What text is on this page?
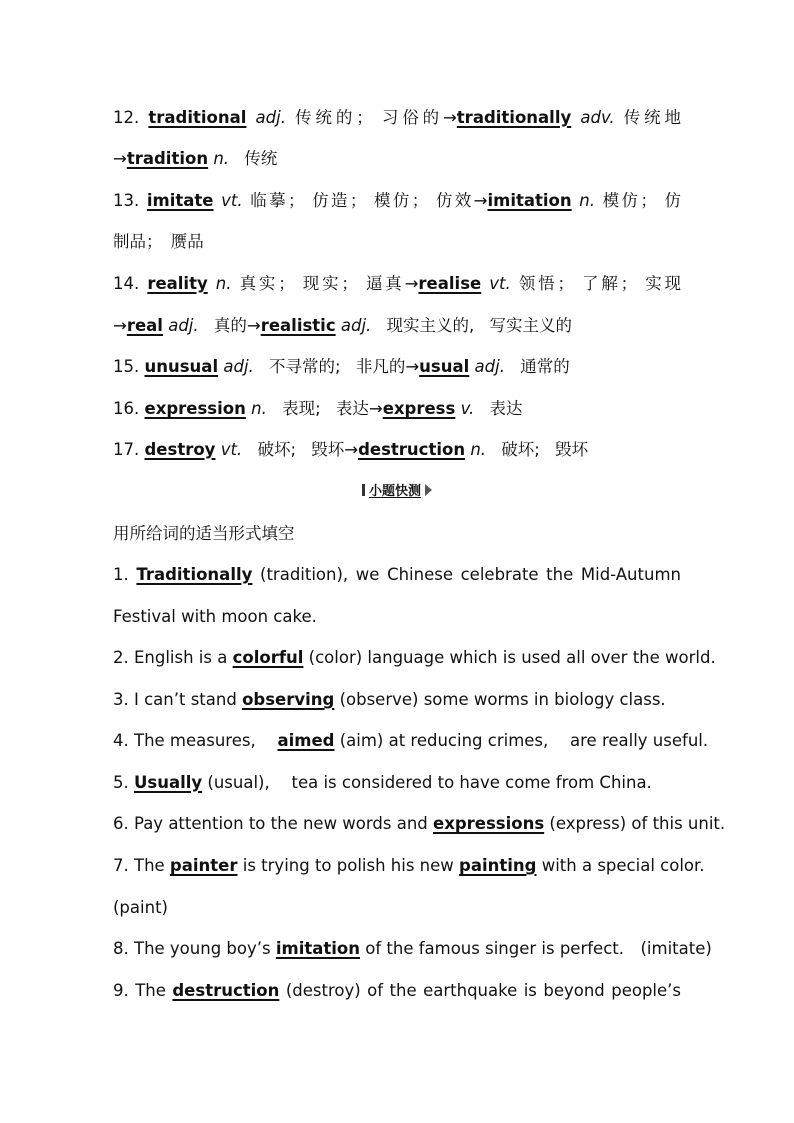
12. traditional adj. 传统的； 习俗的→traditionally adv. 传统地
→tradition n. 传统
13. imitate vt. 临摹； 仿造； 模仿； 仿效→imitation n. 模仿； 仿
制品；　赝品
14. reality n. 真实； 现实； 逼真→realise vt. 领悟； 了解； 实现
→real adj. 真的→realistic adj. 现实主义的, 写实主义的
15. unusual adj. 不寻常的; 非凡的→usual adj. 通常的
16. expression n. 表现; 表达→express v. 表达
17. destroy vt. 破坏; 毁坏→destruction n. 破坏; 毁坏
小题快测
用所给词的适当形式填空
1. Traditionally (tradition), we Chinese celebrate the Mid-Autumn
Festival with moon cake.
2. English is a colorful (color) language which is used all over the world.
3. I can’t stand observing (observe) some worms in biology class.
4. The measures,　 aimed (aim) at reducing crimes,　 are really useful.
5. Usually (usual),　 tea is considered to have come from China.
6. Pay attention to the new words and expressions (express) of this unit.
7. The painter is trying to polish his new painting with a special color.
(paint)
8. The young boy’s imitation of the famous singer is perfect.　(imitate)
9. The destruction (destroy) of the earthquake is beyond people’s
